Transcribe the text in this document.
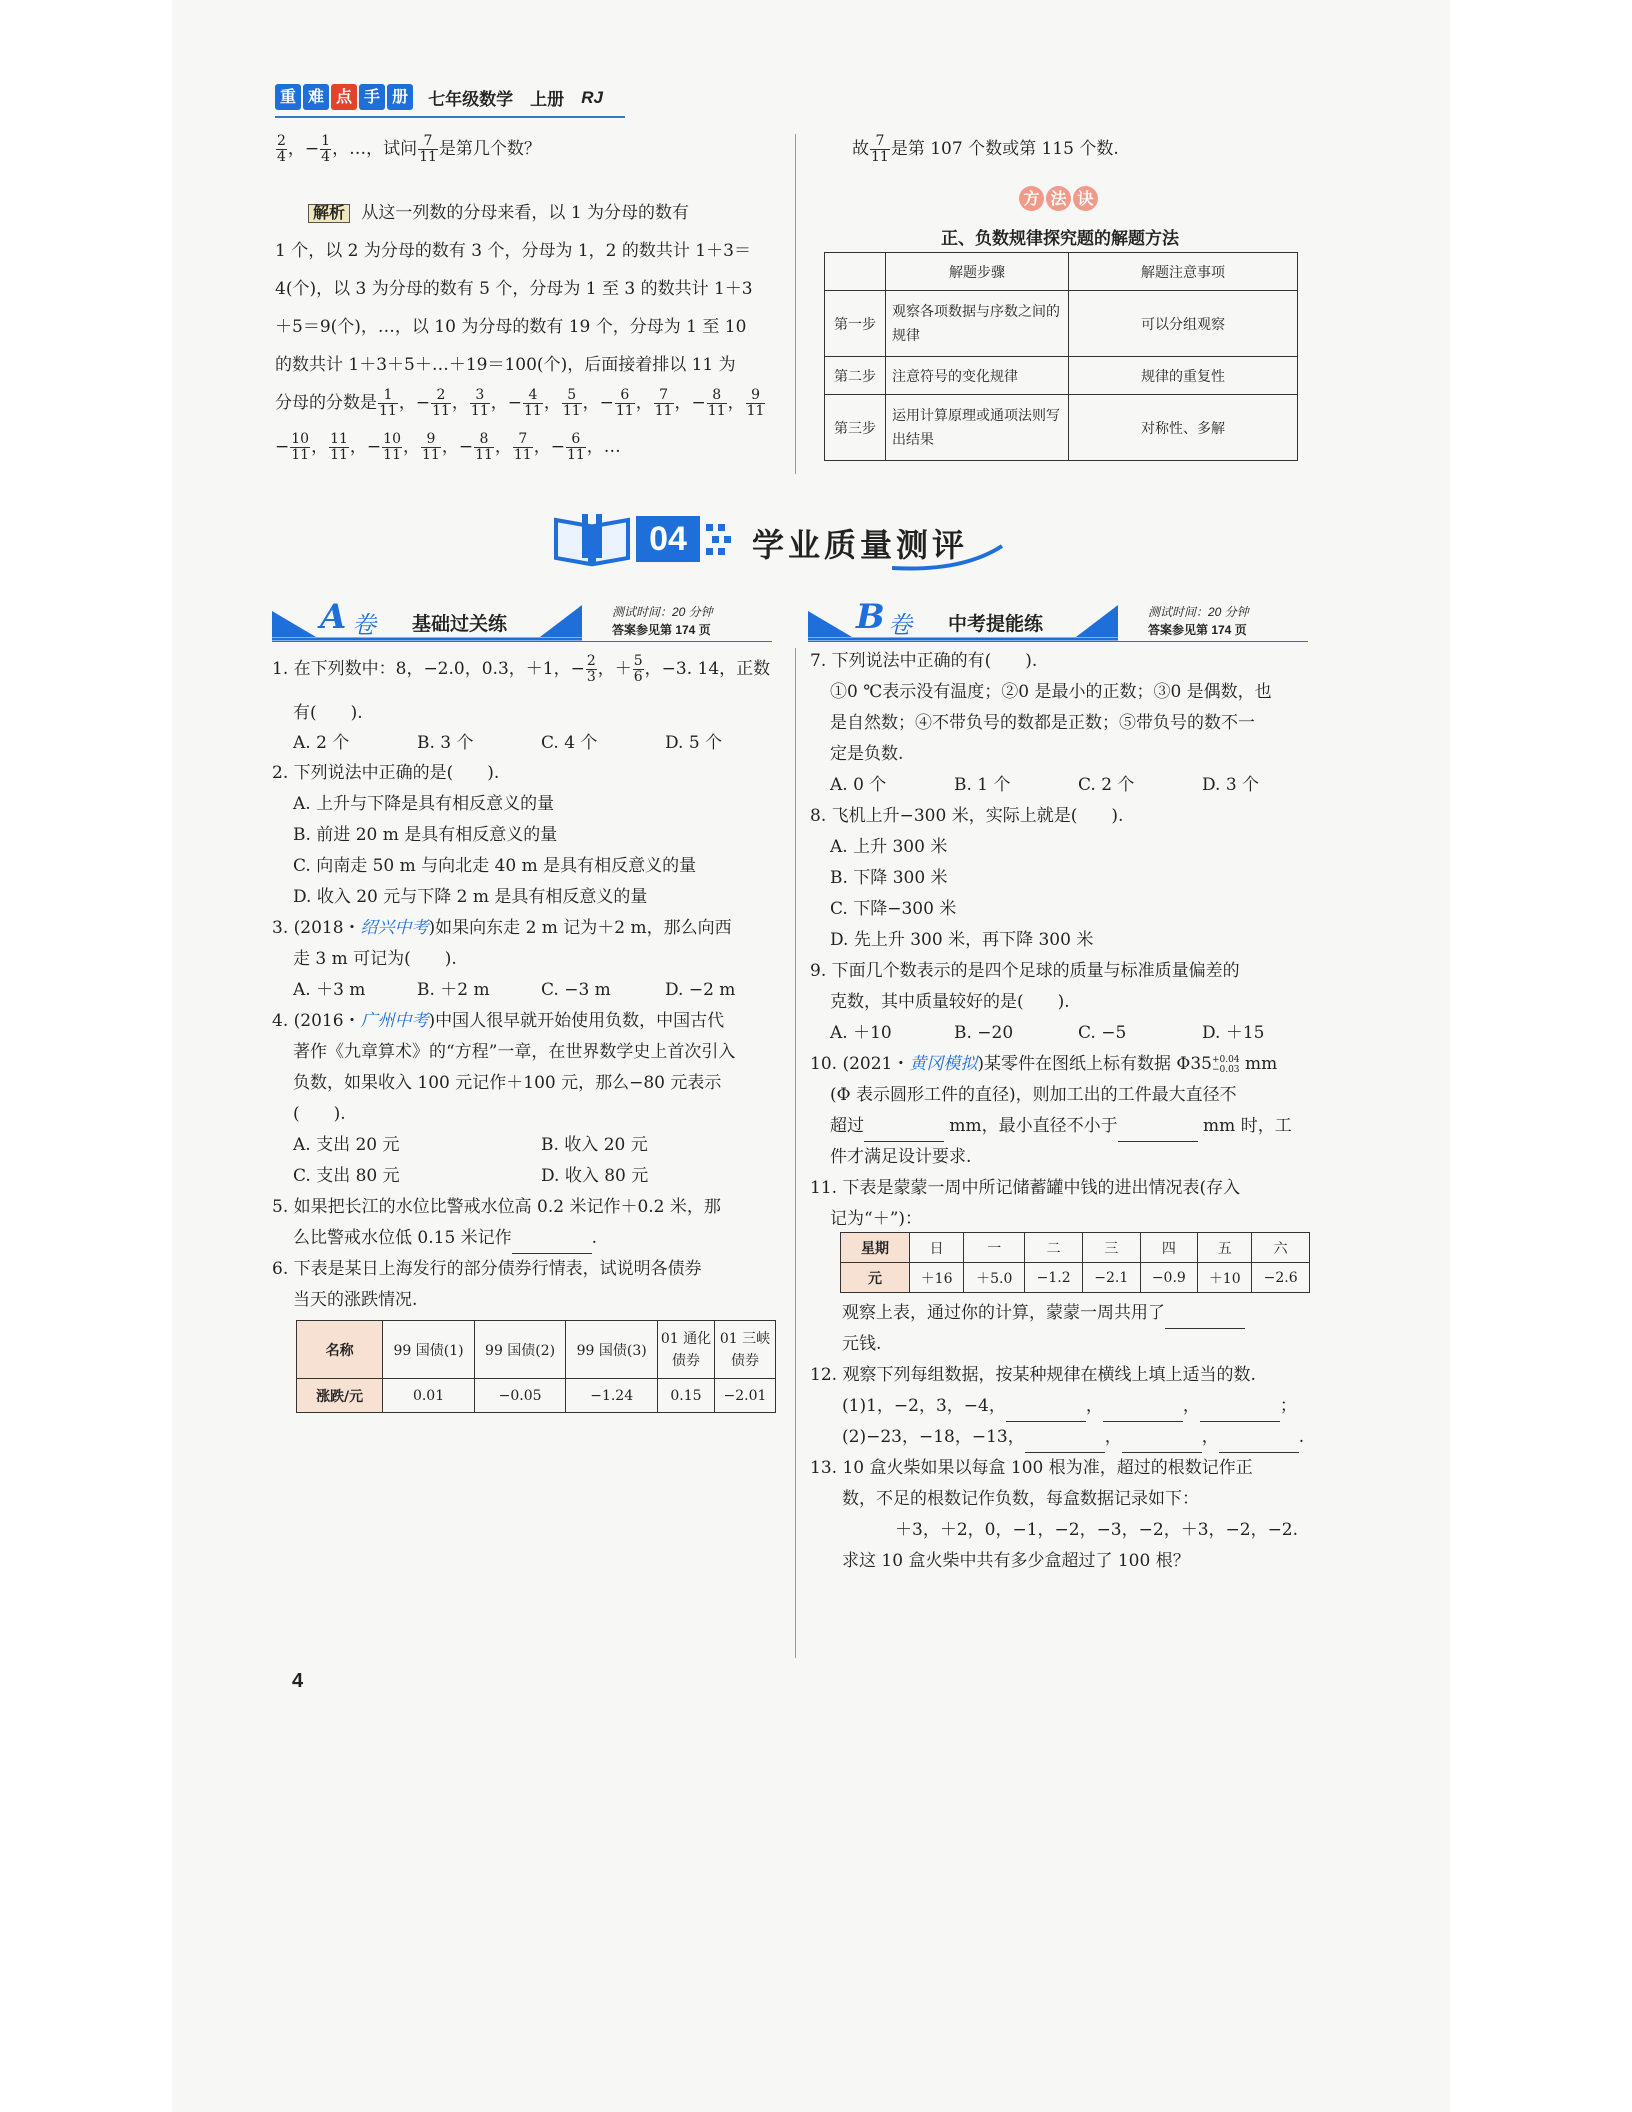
重 难 点 手 册 七年级数学　上册 RJ
$\frac{2}{4}$ ，− $\frac{1}{4}$ ，…，试问 $\frac{7}{11}$ 是第几个数？
解析 从这一列数的分母来看，以 1 为分母的数有
1 个，以 2 为分母的数有 3 个，分母为 1，2 的数共计 1＋3＝
4(个)，以 3 为分母的数有 5 个，分母为 1 至 3 的数共计 1＋3
＋5＝9(个)，…，以 10 为分母的数有 19 个，分母为 1 至 10
的数共计 1＋3＋5＋…＋19＝100(个)，后面接着排以 11 为
分母的分数是 $\frac{1}{11}$ ，− $\frac{2}{11}$ ， $\frac{3}{11}$ ，− $\frac{4}{11}$ ， $\frac{5}{11}$ ，− $\frac{6}{11}$ ， $\frac{7}{11}$ ，− $\frac{8}{11}$ ， $\frac{9}{11}$
− $\frac{10}{11}$ ， $\frac{11}{11}$ ，− $\frac{10}{11}$ ， $\frac{9}{11}$ ，− $\frac{8}{11}$ ， $\frac{7}{11}$ ，− $\frac{6}{11}$ ，…
故 $\frac{7}{11}$ 是第 107 个数或第 115 个数.
方 法 诀
正、负数规律探究题的解题方法
	解题步骤	解题注意事项
第一步	观察各项数据与序数之间的规律	可以分组观察
第二步	注意符号的变化规律	规律的重复性
第三步	运用计算原理或通项法则写出结果	对称性、多解
04	学业质量测评
A 卷 基础过关练
测试时间：20 分钟
答案参见第 174 页	B 卷 中考提能练
测试时间：20 分钟
答案参见第 174 页
1. 在下列数中：8，−2.0，0.3，＋1，− $\frac{2}{3}$ ，＋ $\frac{5}{6}$ ，−3. 14，正数
有(　　).
A. 2 个	B. 3 个	C. 4 个	D. 5 个
2. 下列说法中正确的是(　　).
A. 上升与下降是具有相反意义的量
B. 前进 20 m 是具有相反意义的量
C. 向南走 50 m 与向北走 40 m 是具有相反意义的量
D. 收入 20 元与下降 2 m 是具有相反意义的量
3. (2018・绍兴中考)如果向东走 2 m 记为＋2 m，那么向西
走 3 m 可记为(　　).
A. ＋3 m	B. ＋2 m	C. −3 m	D. −2 m
4. (2016・广州中考)中国人很早就开始使用负数，中国古代
著作《九章算术》的“方程”一章，在世界数学史上首次引入
负数，如果收入 100 元记作＋100 元，那么−80 元表示
(　　).
A. 支出 20 元	B. 收入 20 元
C. 支出 80 元	D. 收入 80 元
5. 如果把长江的水位比警戒水位高 0.2 米记作＋0.2 米，那
么比警戒水位低 0.15 米记作	.
6. 下表是某日上海发行的部分债券行情表，试说明各债券
当天的涨跌情况.
名称	99 国债(1)	99 国债(2)	99 国债(3)	01 通化债券	01 三峡债券
涨跌/元	0.01	−0.05	−1.24	0.15	−2.01
7. 下列说法中正确的有(　　).
①0 ℃表示没有温度；②0 是最小的正数；③0 是偶数，也
是自然数；④不带负号的数都是正数；⑤带负号的数不一
定是负数.
A. 0 个	B. 1 个	C. 2 个	D. 3 个
8. 飞机上升−300 米，实际上就是(　　).
A. 上升 300 米
B. 下降 300 米
C. 下降−300 米
D. 先上升 300 米，再下降 300 米
9. 下面几个数表示的是四个足球的质量与标准质量偏差的
克数，其中质量较好的是(　　).
A. ＋10	B. −20	C. −5	D. ＋15
10. (2021・黄冈模拟)某零件在图纸上标有数据 Φ35 +0.04
−0.03 mm
(Φ 表示圆形工件的直径)，则加工出的工件最大直径不
超过	mm，最小直径不小于	mm 时，工
件才满足设计要求.
11. 下表是蒙蒙一周中所记储蓄罐中钱的进出情况表(存入
记为“＋”)：
星期	日	一	二	三	四	五	六
元	＋16	＋5.0	−1.2	−2.1	−0.9	＋10	−2.6
观察上表，通过你的计算，蒙蒙一周共用了
元钱.
12. 观察下列每组数据，按某种规律在横线上填上适当的数.
(1)1，−2，3，−4，	，	，	；
(2)−23，−18，−13，	，	，	.
13. 10 盒火柴如果以每盒 100 根为准，超过的根数记作正
数，不足的根数记作负数，每盒数据记录如下：
＋3，＋2，0，−1，−2，−3，−2，＋3，−2，−2.
求这 10 盒火柴中共有多少盒超过了 100 根？
4
